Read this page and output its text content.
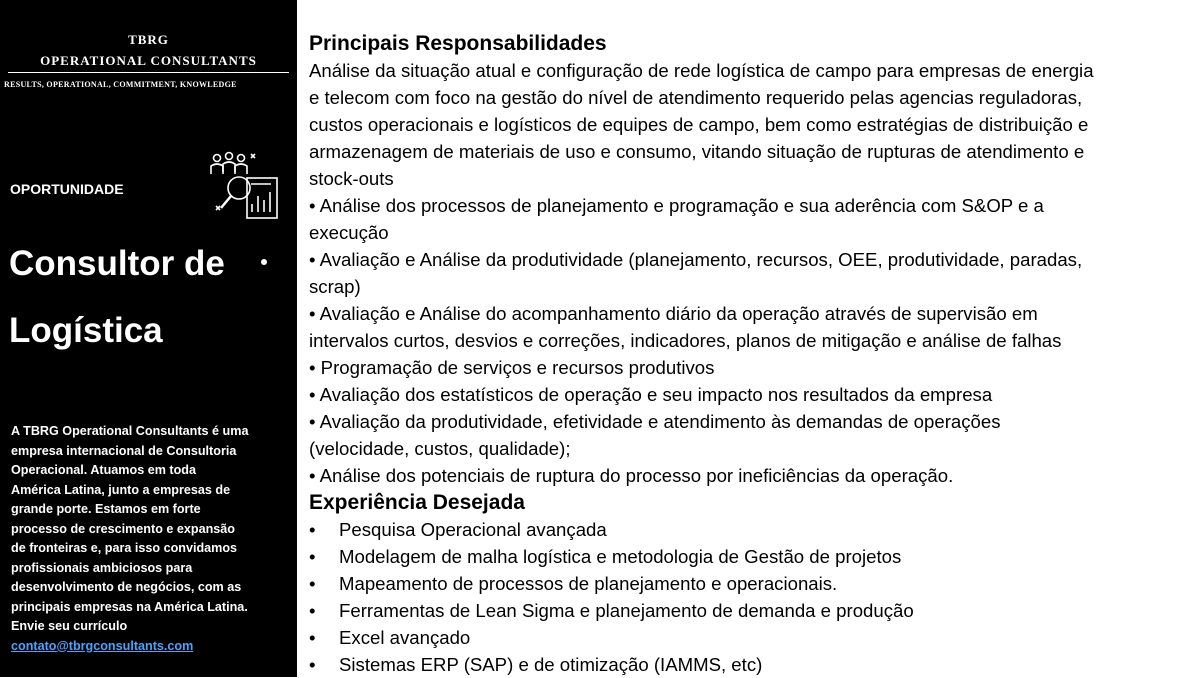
TBRG
OPERATIONAL CONSULTANTS
RESULTS, OPERATIONAL, COMMITMENT, KNOWLEDGE
OPORTUNIDADE
Consultor de
Logística
A TBRG Operational Consultants é uma
empresa internacional de Consultoria
Operacional. Atuamos em toda
América Latina, junto a empresas de
grande porte. Estamos em forte
processo de crescimento e expansão
de fronteiras e, para isso convidamos
profissionais ambiciosos para
desenvolvimento de negócios, com as
principais empresas na América Latina.
Envie seu currículo
contato@tbrgconsultants.com
Principais Responsabilidades
Análise da situação atual e configuração de rede logística de campo para empresas de energia
e telecom com foco na gestão do nível de atendimento requerido pelas agencias reguladoras,
custos operacionais e logísticos de equipes de campo, bem como estratégias de distribuição e
armazenagem de materiais de uso e consumo, vitando situação de rupturas de atendimento e
stock-outs
• Análise dos processos de planejamento e programação e sua aderência com S&OP e a
execução
• Avaliação e Análise da produtividade (planejamento, recursos, OEE, produtividade, paradas,
scrap)
• Avaliação e Análise do acompanhamento diário da operação através de supervisão em
intervalos curtos, desvios e correções, indicadores, planos de mitigação e análise de falhas
• Programação de serviços e recursos produtivos
• Avaliação dos estatísticos de operação e seu impacto nos resultados da empresa
• Avaliação da produtividade, efetividade e atendimento às demandas de operações
(velocidade, custos, qualidade);
• Análise dos potenciais de ruptura do processo por ineficiências da operação.
Experiência Desejada
• Pesquisa Operacional avançada
• Modelagem de malha logística e metodologia de Gestão de projetos
• Mapeamento de processos de planejamento e operacionais.
• Ferramentas de Lean Sigma e planejamento de demanda e produção
• Excel avançado
• Sistemas ERP (SAP) e de otimização (IAMMS, etc)
